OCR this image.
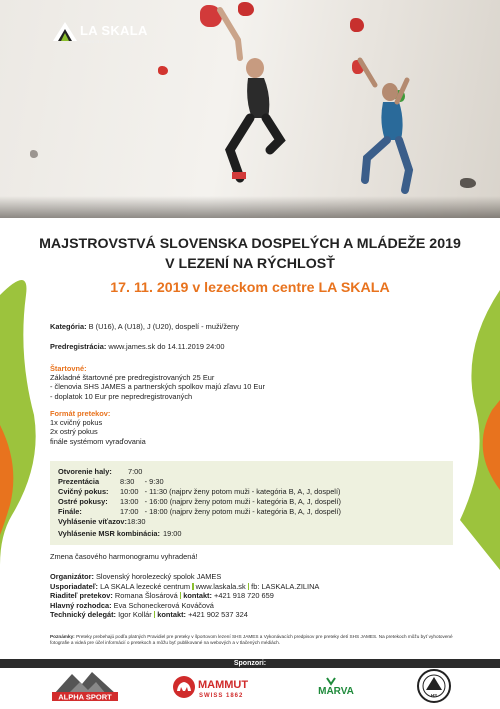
LA SKALA
CLIMBING CENTRE | NR
MAJSTROVSTVÁ SLOVENSKA DOSPELÝCH A MLÁDEŽE 2019
V LEZENÍ NA RÝCHLOSŤ
17. 11. 2019 v lezeckom centre LA SKALA
Kategória: B (U16), A (U18), J (U20), dospelí - muži/ženy
Predregistrácia: www.james.sk do 14.11.2019 24:00
Štartovné:
Základné štartovné pre predregistrovaných 25 Eur
- členovia SHS JAMES a partnerských spolkov majú zľavu 10 Eur
- doplatok 10 Eur pre nepredregistrovaných
Formát pretekov:
1x cvičný pokus
2x ostrý pokus
finále systémom vyraďovania
Otvorenie haly: 7:00
Prezentácia	8:30     - 9:30
Cvičný pokus: 10:00   - 11:30 (najprv ženy potom muži - kategória B, A, J, dospelí)
Ostré pokusy: 13:00   - 16:00 (najprv ženy potom muži - kategória B, A, J, dospelí)
Finále:	17:00   - 18:00 (najprv ženy potom muži - kategória B, A, J, dospelí)
Vyhlásenie víťazov:18:30
Vyhlásenie MSR kombinácia: 19:00
Zmena časového harmonogramu vyhradená!
Organizátor: Slovenský horolezecký spolok JAMES
Usporiadateľ: LA SKALA lezecké centrum www.laskala.sk fb: LASKALA.ZILINA
Riaditeľ pretekov: Romana Šlosárová kontakt: +421 918 720 659
Hlavný rozhodca: Eva Schoneckerová Kováčová
Technický delegát: Igor Kollár kontakt: +421 902 537 324
Poznámky: Preteky prebehajú podľa platných Pravidiel pre preteky v športovom lezení SHS JAMES a Vykonávacích predpisov pre preteky detí SHS JAMES. Na pretekoch môžu byť vyhotovené fotografie a videá pre účel informácií o pretekoch a môžu byť publikované na webových a v tlačených médiách.
Sponzori:
ALPHA SPORT
MAMMUT
SWISS 1862	MARVA	HS
